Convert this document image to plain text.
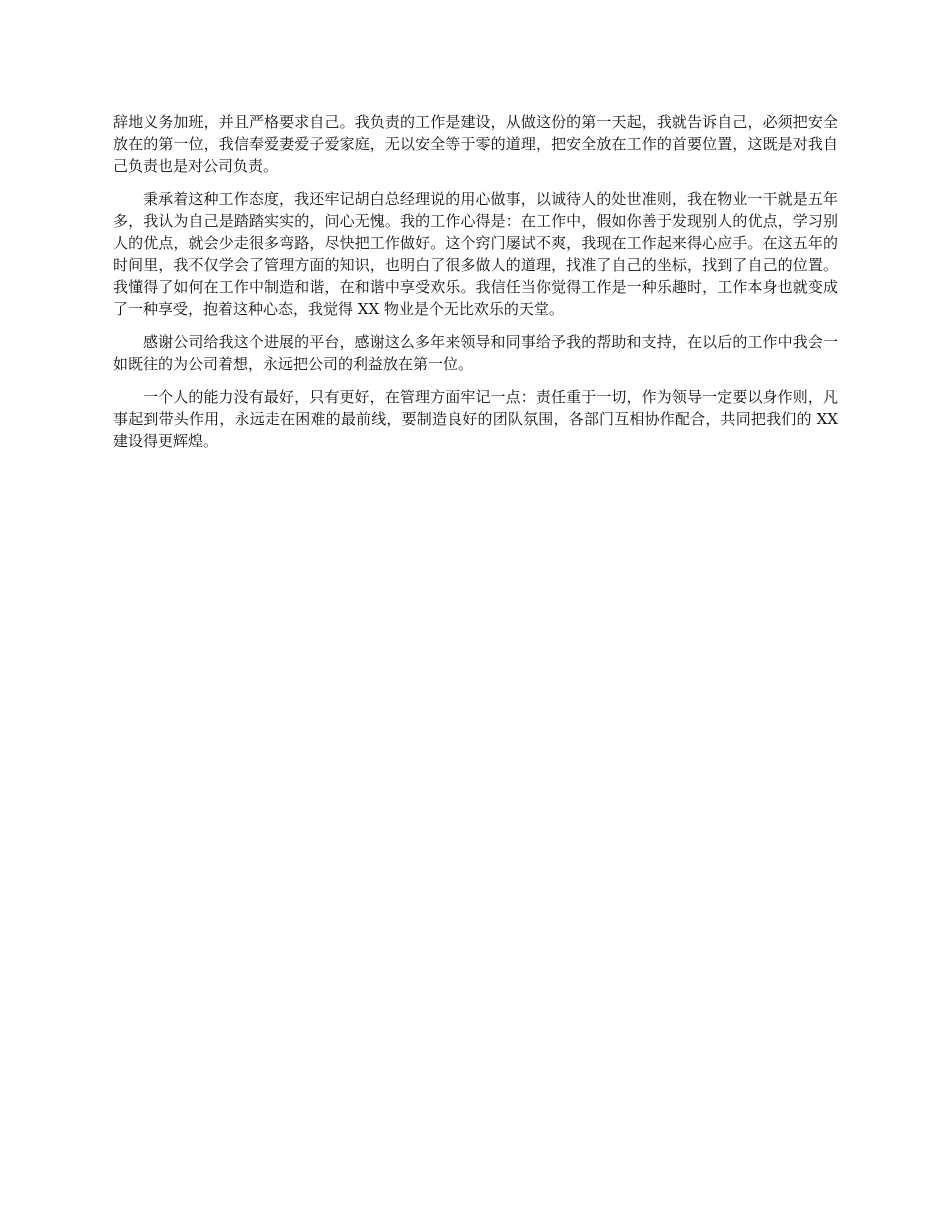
辞地义务加班，并且严格要求自己。我负责的工作是建设，从做这份的第一天起，我就告诉自己，必须把安全放在的第一位，我信奉爱妻爱子爱家庭，无以安全等于零的道理，把安全放在工作的首要位置，这既是对我自己负责也是对公司负责。

秉承着这种工作态度，我还牢记胡白总经理说的用心做事，以诚待人的处世准则，我在物业一干就是五年多，我认为自己是踏踏实实的，问心无愧。我的工作心得是：在工作中，假如你善于发现别人的优点，学习别人的优点，就会少走很多弯路，尽快把工作做好。这个窍门屡试不爽，我现在工作起来得心应手。在这五年的时间里，我不仅学会了管理方面的知识，也明白了很多做人的道理，找准了自己的坐标，找到了自己的位置。我懂得了如何在工作中制造和谐，在和谐中享受欢乐。我信任当你觉得工作是一种乐趣时，工作本身也就变成了一种享受，抱着这种心态，我觉得 XX 物业是个无比欢乐的天堂。

感谢公司给我这个进展的平台，感谢这么多年来领导和同事给予我的帮助和支持，在以后的工作中我会一如既往的为公司着想，永远把公司的利益放在第一位。

一个人的能力没有最好，只有更好，在管理方面牢记一点：责任重于一切，作为领导一定要以身作则，凡事起到带头作用，永远走在困难的最前线，要制造良好的团队氛围，各部门互相协作配合，共同把我们的 XX 建设得更辉煌。
